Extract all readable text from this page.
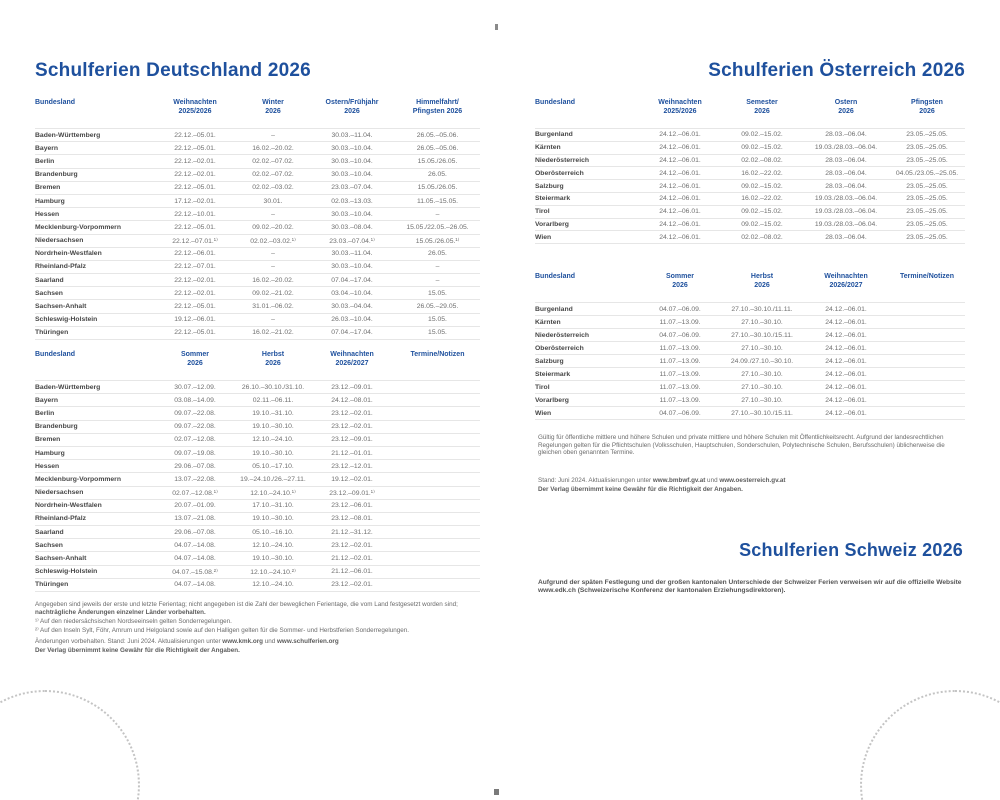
Schulferien Deutschland 2026
Bundesland	Weihnachten
2025/2026
Winter
2026
Ostern/Frühjahr
2026
Himmelfahrt/
Pfingsten 2026
Baden-Württemberg	22.12.–05.01.	–	30.03.–11.04.	26.05.–05.06.
Bayern	22.12.–05.01.	16.02.–20.02.	30.03.–10.04.	26.05.–05.06.
Berlin	22.12.–02.01.	02.02.–07.02.	30.03.–10.04.	15.05./26.05.
Brandenburg	22.12.–02.01.	02.02.–07.02.	30.03.–10.04.	26.05.
Bremen	22.12.–05.01.	02.02.–03.02.	23.03.–07.04.	15.05./26.05.
Hamburg	17.12.–02.01.	30.01.	02.03.–13.03.	11.05.–15.05.
Hessen	22.12.–10.01.	–	30.03.–10.04.	–
Mecklenburg-Vorpommern	22.12.–05.01.	09.02.–20.02.	30.03.–08.04.	15.05./22.05.–26.05.
Niedersachsen	22.12.–07.01.¹⁾	02.02.–03.02.¹⁾	23.03.–07.04.¹⁾	15.05./26.05.¹⁾
Nordrhein-Westfalen	22.12.–06.01.	–	30.03.–11.04.	26.05.
Rheinland-Pfalz	22.12.–07.01.	–	30.03.–10.04.	–
Saarland	22.12.–02.01.	16.02.–20.02.	07.04.–17.04.	–
Sachsen	22.12.–02.01.	09.02.–21.02.	03.04.–10.04.	15.05.
Sachsen-Anhalt	22.12.–05.01.	31.01.–06.02.	30.03.–04.04.	26.05.–29.05.
Schleswig-Holstein	19.12.–06.01.	–	26.03.–10.04.	15.05.
Thüringen	22.12.–05.01.	16.02.–21.02.	07.04.–17.04.	15.05.
Bundesland	Sommer
2026
Herbst
2026
Weihnachten
2026/2027
Termine/Notizen
Baden-Württemberg	30.07.–12.09.	26.10.–30.10./31.10.	23.12.–09.01.
Bayern	03.08.–14.09.	02.11.–06.11.	24.12.–08.01.
Berlin	09.07.–22.08.	19.10.–31.10.	23.12.–02.01.
Brandenburg	09.07.–22.08.	19.10.–30.10.	23.12.–02.01.
Bremen	02.07.–12.08.	12.10.–24.10.	23.12.–09.01.
Hamburg	09.07.–19.08.	19.10.–30.10.	21.12.–01.01.
Hessen	29.06.–07.08.	05.10.–17.10.	23.12.–12.01.
Mecklenburg-Vorpommern	13.07.–22.08.	19.–24.10./26.–27.11.	19.12.–02.01.
Niedersachsen	02.07.–12.08.¹⁾	12.10.–24.10.¹⁾	23.12.–09.01.¹⁾
Nordrhein-Westfalen	20.07.–01.09.	17.10.–31.10.	23.12.–06.01.
Rheinland-Pfalz	13.07.–21.08.	19.10.–30.10.	23.12.–08.01.
Saarland	29.06.–07.08.	05.10.–16.10.	21.12.–31.12.
Sachsen	04.07.–14.08.	12.10.–24.10.	23.12.–02.01.
Sachsen-Anhalt	04.07.–14.08.	19.10.–30.10.	21.12.–02.01.
Schleswig-Holstein	04.07.–15.08.²⁾	12.10.–24.10.²⁾	21.12.–06.01.
Thüringen	04.07.–14.08.	12.10.–24.10.	23.12.–02.01.

Angegeben sind jeweils der erste und letzte Ferientag; nicht angegeben ist die Zahl der beweglichen Ferientage, die vom Land festgesetzt worden sind; nachträgliche Änderungen einzelner Länder vorbehalten.

¹⁾ Auf den niedersächsischen Nordseeinseln gelten Sonderregelungen.

²⁾ Auf den Inseln Sylt, Föhr, Amrum und Helgoland sowie auf den Halligen gelten für die Sommer- und Herbstferien Sonderregelungen.

Änderungen vorbehalten. Stand: Juni 2024. Aktualisierungen unter www.kmk.org und www.schulferien.org

Der Verlag übernimmt keine Gewähr für die Richtigkeit der Angaben.

Schulferien Österreich 2026
Bundesland	Weihnachten
2025/2026
Semester
2026
Ostern
2026
Pfingsten
2026
Burgenland	24.12.–06.01.	09.02.–15.02.	28.03.–06.04.	23.05.–25.05.
Kärnten	24.12.–06.01.	09.02.–15.02.	19.03./28.03.–06.04.	23.05.–25.05.
Niederösterreich	24.12.–06.01.	02.02.–08.02.	28.03.–06.04.	23.05.–25.05.
Oberösterreich	24.12.–06.01.	16.02.–22.02.	28.03.–06.04.	04.05./23.05.–25.05.
Salzburg	24.12.–06.01.	09.02.–15.02.	28.03.–06.04.	23.05.–25.05.
Steiermark	24.12.–06.01.	16.02.–22.02.	19.03./28.03.–06.04.	23.05.–25.05.
Tirol	24.12.–06.01.	09.02.–15.02.	19.03./28.03.–06.04.	23.05.–25.05.
Vorarlberg	24.12.–06.01.	09.02.–15.02.	19.03./28.03.–06.04.	23.05.–25.05.
Wien	24.12.–06.01.	02.02.–08.02.	28.03.–06.04.	23.05.–25.05.
Bundesland	Sommer
2026
Herbst
2026
Weihnachten
2026/2027
Termine/Notizen
Burgenland	04.07.–06.09.	27.10.–30.10./11.11.	24.12.–06.01.
Kärnten	11.07.–13.09.	27.10.–30.10.	24.12.–06.01.
Niederösterreich	04.07.–06.09.	27.10.–30.10./15.11.	24.12.–06.01.
Oberösterreich	11.07.–13.09.	27.10.–30.10.	24.12.–06.01.
Salzburg	11.07.–13.09.	24.09./27.10.–30.10.	24.12.–06.01.
Steiermark	11.07.–13.09.	27.10.–30.10.	24.12.–06.01.
Tirol	11.07.–13.09.	27.10.–30.10.	24.12.–06.01.
Vorarlberg	11.07.–13.09.	27.10.–30.10.	24.12.–06.01.
Wien	04.07.–06.09.	27.10.–30.10./15.11.	24.12.–06.01.

Gültig für öffentliche mittlere und höhere Schulen und private mittlere und höhere Schulen mit Öffentlichkeitsrecht. Aufgrund der landesrechtlichen Regelungen gelten für die Pflichtschulen (Volksschulen, Hauptschulen, Sonderschulen, Polytechnische Schulen, Berufsschulen) üblicherweise die gleichen oben genannten Termine.

Stand: Juni 2024. Aktualisierungen unter www.bmbwf.gv.at und www.oesterreich.gv.at

Der Verlag übernimmt keine Gewähr für die Richtigkeit der Angaben.

Schulferien Schweiz 2026

Aufgrund der späten Festlegung und der großen kantonalen Unterschiede der Schweizer Ferien verweisen wir auf die offizielle Website www.edk.ch (Schweizerische Konferenz der kantonalen Erziehungsdirektoren).
